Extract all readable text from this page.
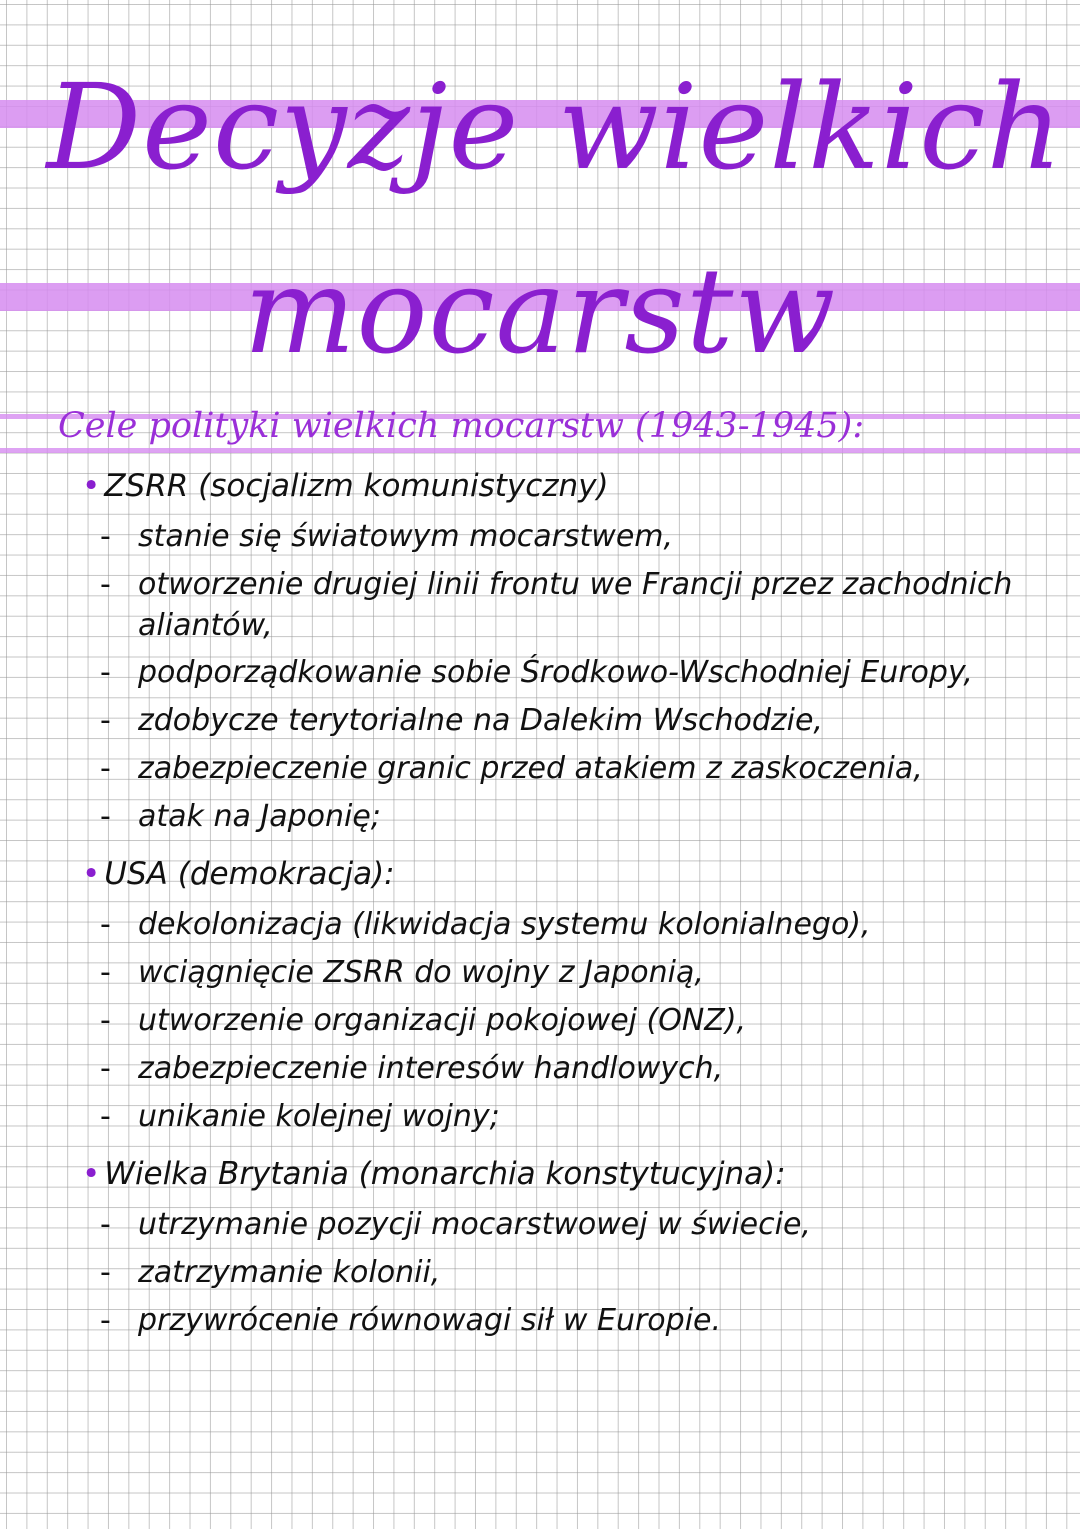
Decyzje wielkich
mocarstw
Cele polityki wielkich mocarstw (1943-1945):
• ZSRR (socjalizm komunistyczny)
- stanie się światowym mocarstwem,
- otworzenie drugiej linii frontu we Francji przez zachodnich aliantów,
- podporządkowanie sobie Środkowo-Wschodniej Europy,
- zdobycze terytorialne na Dalekim Wschodzie,
- zabezpieczenie granic przed atakiem z zaskoczenia,
- atak na Japonię;
• USA (demokracja):
- dekolonizacja (likwidacja systemu kolonialnego),
- wciągnięcie ZSRR do wojny z Japonią,
- utworzenie organizacji pokojowej (ONZ),
- zabezpieczenie interesów handlowych,
- unikanie kolejnej wojny;
• Wielka Brytania (monarchia konstytucyjna):
- utrzymanie pozycji mocarstwowej w świecie,
- zatrzymanie kolonii,
- przywrócenie równowagi sił w Europie.
